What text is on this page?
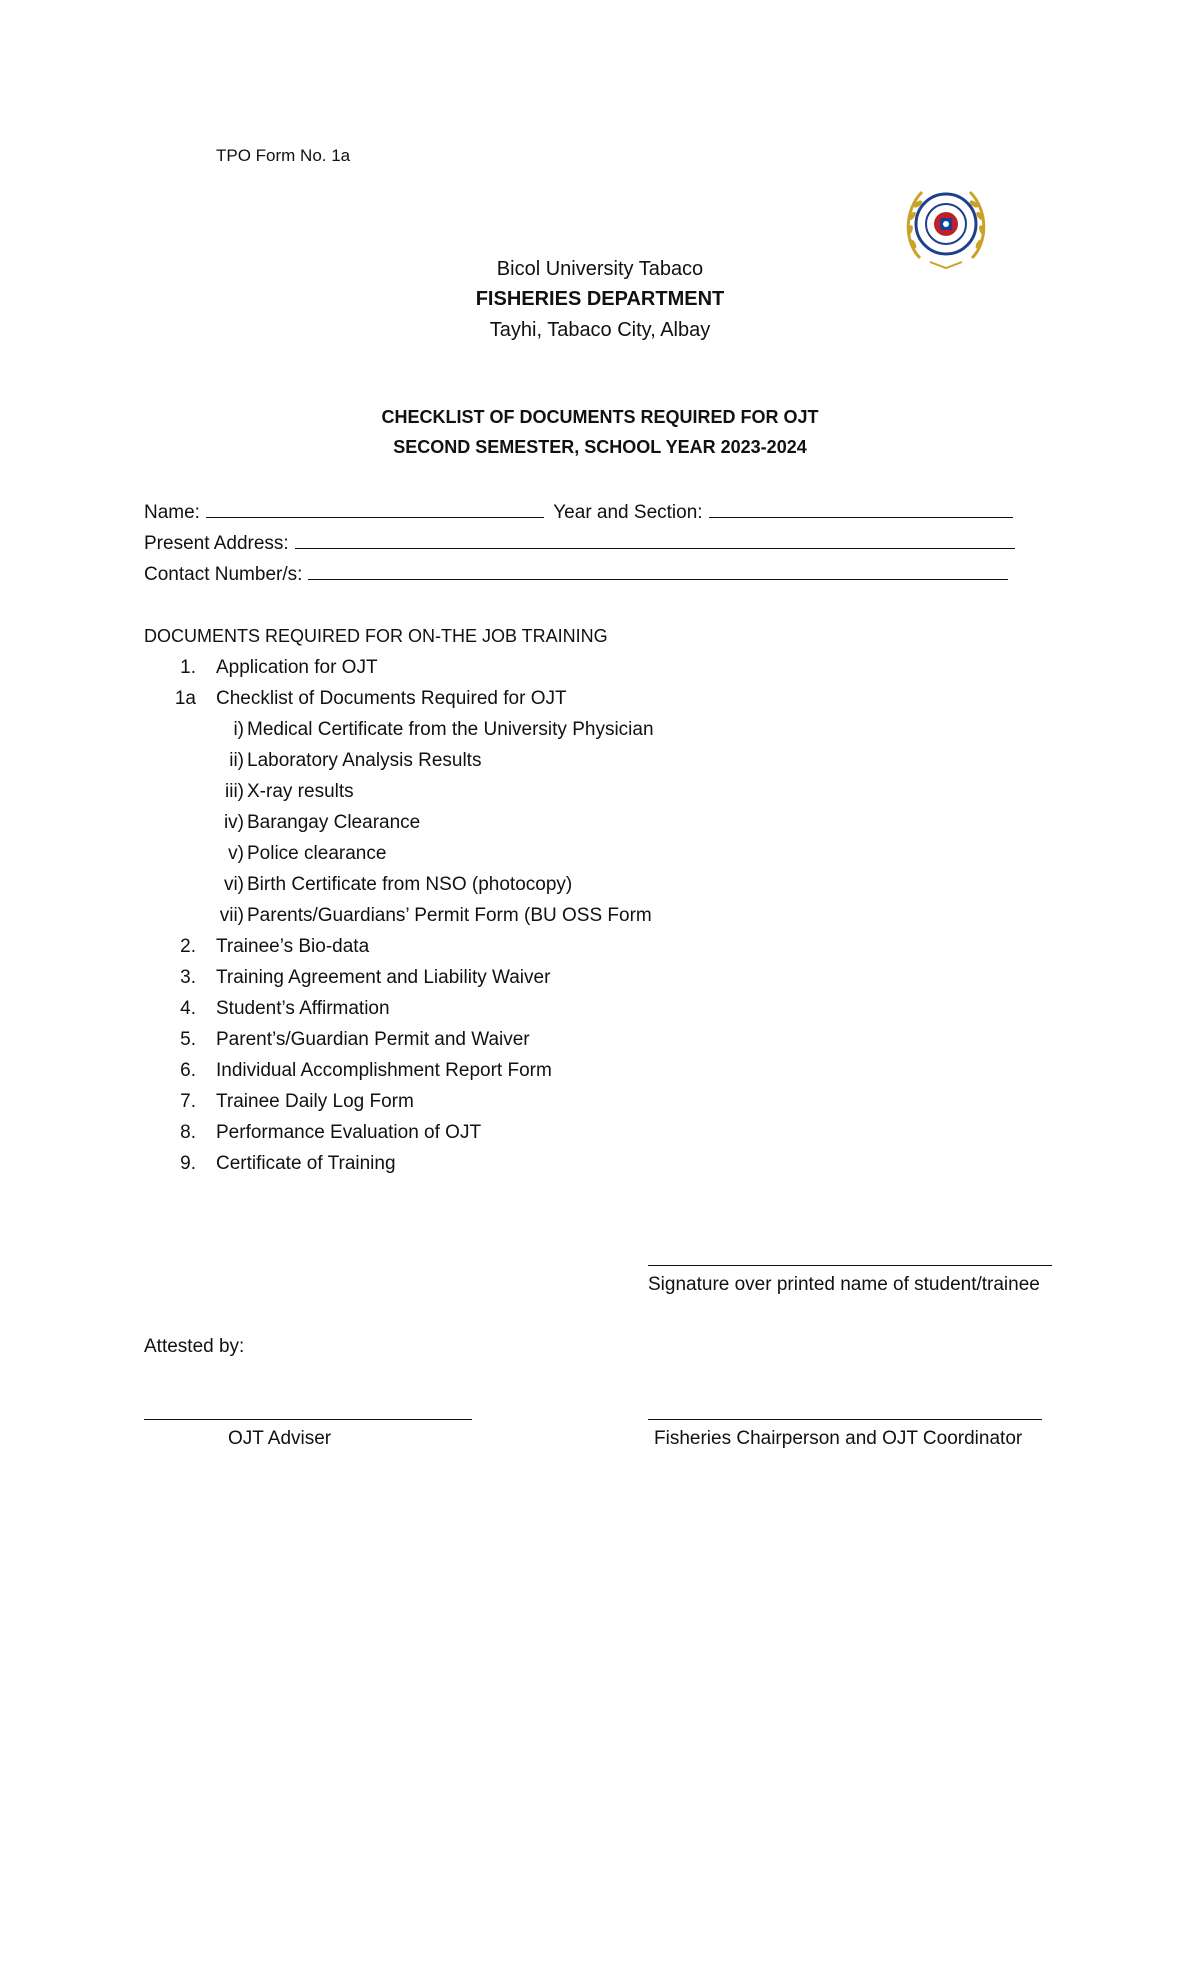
TPO Form No. 1a
Bicol University Tabaco
FISHERIES DEPARTMENT
Tayhi, Tabaco City, Albay
CHECKLIST OF DOCUMENTS REQUIRED FOR OJT
SECOND SEMESTER, SCHOOL YEAR 2023-2024
Name:	Year and Section:
Present Address:
Contact Number/s:
DOCUMENTS REQUIRED FOR ON-THE JOB TRAINING
1. Application for OJT
1a Checklist of Documents Required for OJT
i) Medical Certificate from the University Physician
ii) Laboratory Analysis Results
iii) X-ray results
iv) Barangay Clearance
v) Police clearance
vi) Birth Certificate from NSO (photocopy)
vii) Parents/Guardians’ Permit Form (BU OSS Form
2. Trainee’s Bio-data
3. Training Agreement and Liability Waiver
4. Student’s Affirmation
5. Parent’s/Guardian Permit and Waiver
6. Individual Accomplishment Report Form
7. Trainee Daily Log Form
8. Performance Evaluation of OJT
9. Certificate of Training
Signature over printed name of student/trainee
Attested by:
OJT Adviser	Fisheries Chairperson and OJT Coordinator
